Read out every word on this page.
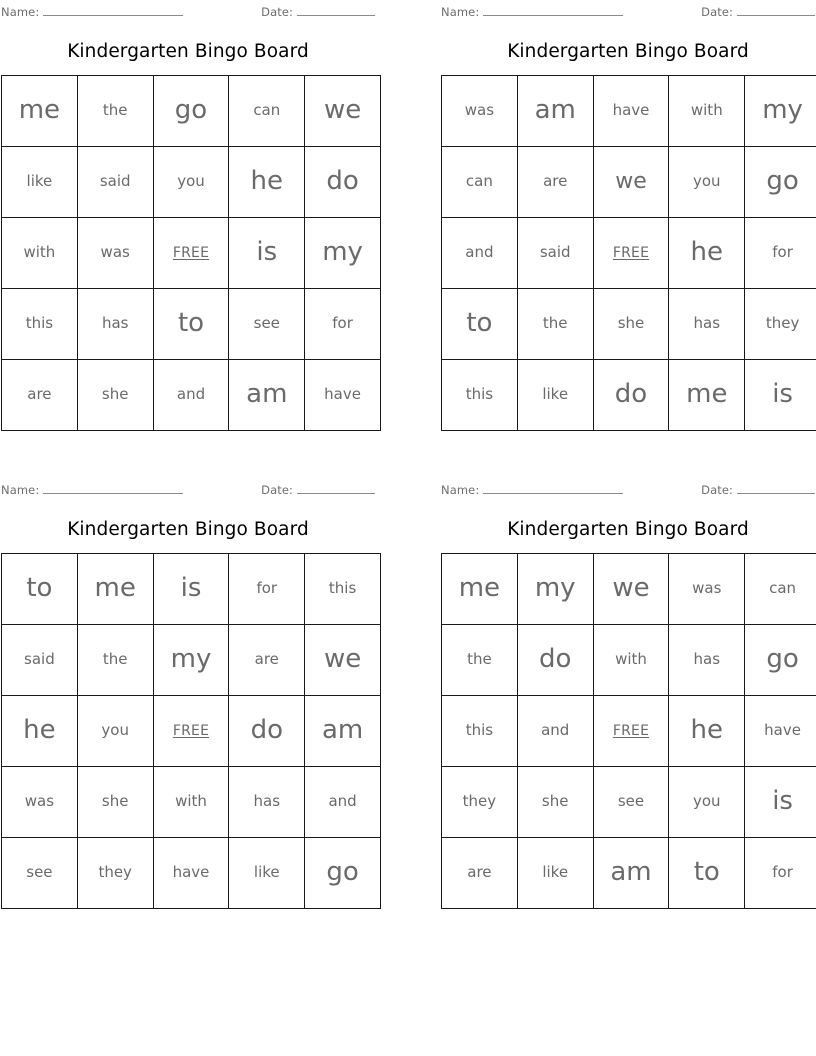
Name:	Date:
Kindergarten Bingo Board
me	the	go	can	we
like	said	you	he	do
with	was	FREE	is	my
this	has	to	see	for
are	she	and	am	have
Name:	Date:
Kindergarten Bingo Board
was	am	have	with	my
can	are	we	you	go
and	said	FREE	he	for
to	the	she	has	they
this	like	do	me	is
Name:	Date:
Kindergarten Bingo Board
to	me	is	for	this
said	the	my	are	we
he	you	FREE	do	am
was	she	with	has	and
see	they	have	like	go
Name:	Date:
Kindergarten Bingo Board
me	my	we	was	can
the	do	with	has	go
this	and	FREE	he	have
they	she	see	you	is
are	like	am	to	for
